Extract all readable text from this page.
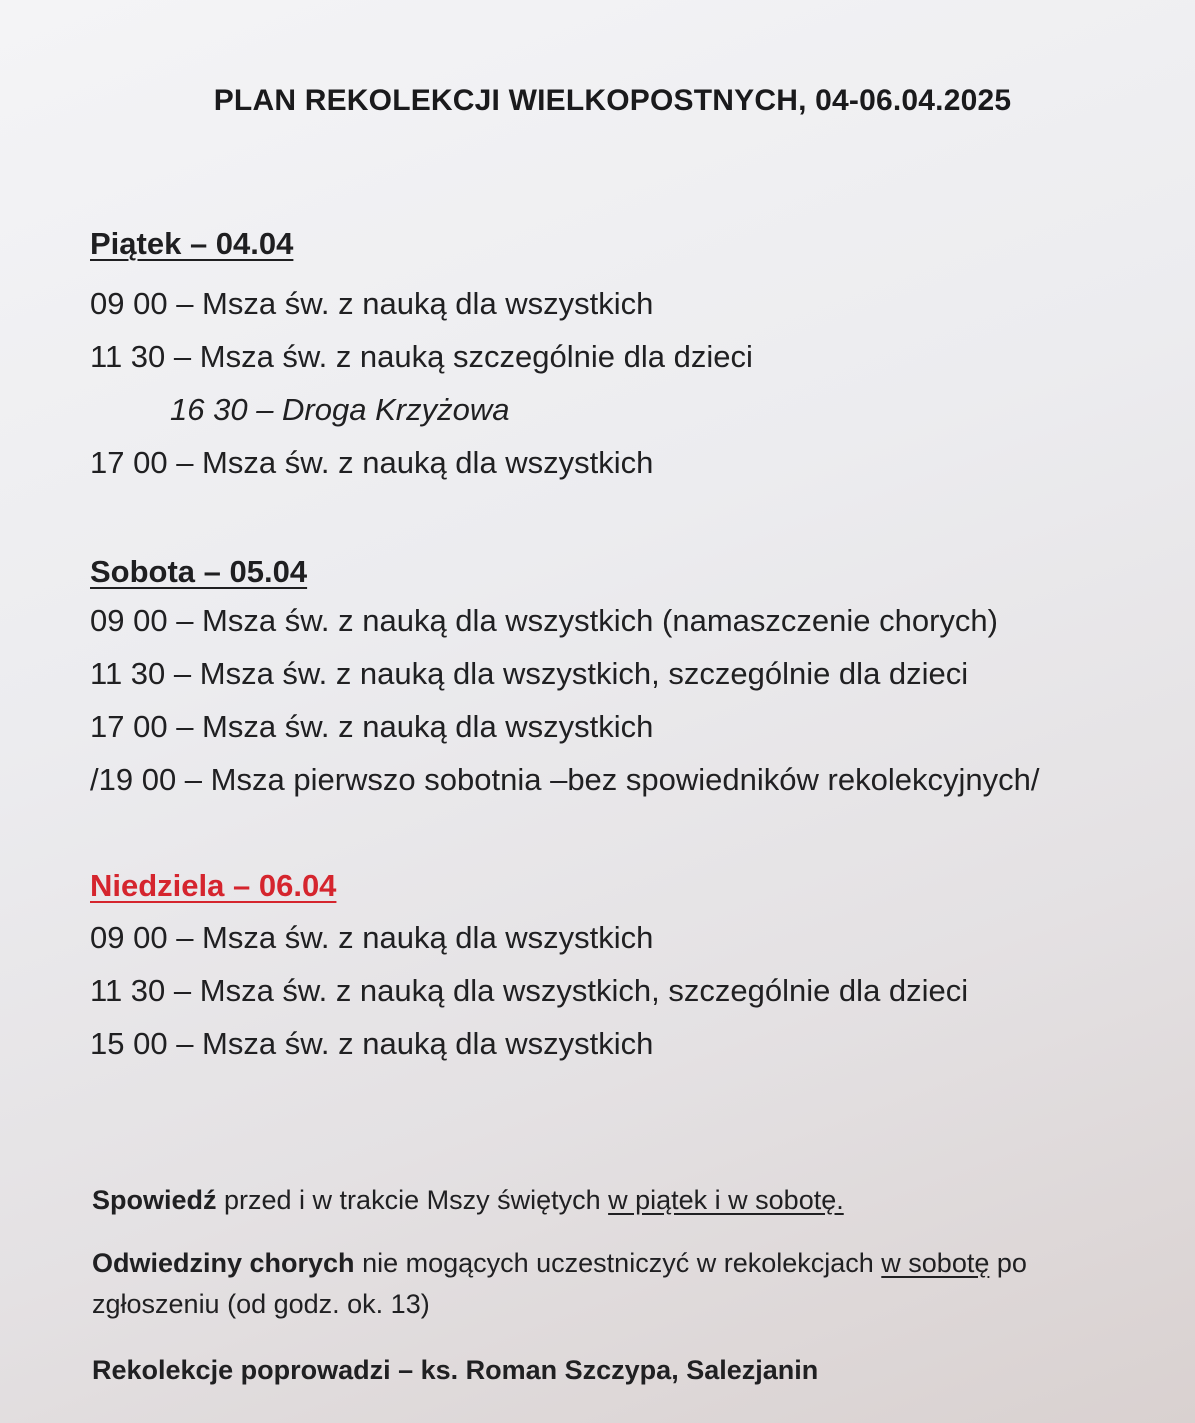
PLAN REKOLEKCJI WIELKOPOSTNYCH, 04-06.04.2025
Piątek – 04.04
09 00 – Msza św. z nauką dla wszystkich
11 30 – Msza św. z nauką szczególnie dla dzieci
16 30 – Droga Krzyżowa
17 00 – Msza św. z nauką dla wszystkich
Sobota – 05.04
09 00 – Msza św. z nauką dla wszystkich (namaszczenie chorych)
11 30 – Msza św. z nauką dla wszystkich, szczególnie dla dzieci
17 00 – Msza św. z nauką dla wszystkich
/19 00 – Msza pierwszo sobotnia –bez spowiedników rekolekcyjnych/
Niedziela – 06.04
09 00 – Msza św. z nauką dla wszystkich
11 30 – Msza św. z nauką dla wszystkich, szczególnie dla dzieci
15 00 – Msza św. z nauką dla wszystkich
Spowiedź przed i w trakcie Mszy świętych w piątek i w sobotę.
Odwiedziny chorych nie mogących uczestniczyć w rekolekcjach w sobotę po zgłoszeniu (od godz. ok. 13)
Rekolekcje poprowadzi – ks. Roman Szczypa, Salezjanin
